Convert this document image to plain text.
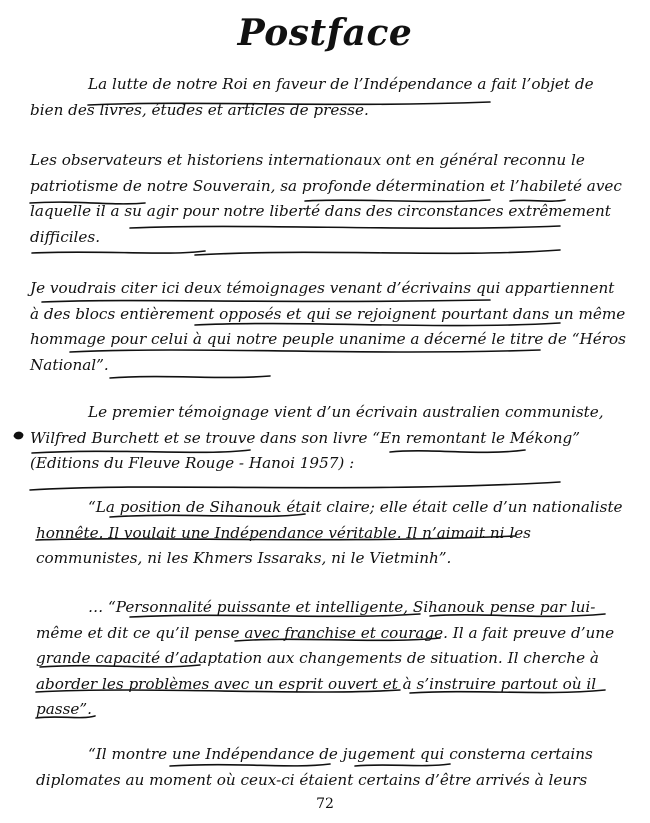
Postface

La lutte de notre Roi en faveur de l’Indépendance a fait l’objet de bien des livres, études et articles de presse.

Les observateurs et historiens internationaux ont en général reconnu le patriotisme de notre Souverain, sa profonde détermination et l’habileté avec laquelle il a su agir pour notre liberté dans des circonstances extrêmement difficiles.

Je voudrais citer ici deux témoignages venant d’écrivains qui appartiennent à des blocs entièrement opposés et qui se rejoignent pourtant dans un même hommage pour celui à qui notre peuple unanime a décerné le titre de “Héros National”.

Le premier témoignage vient d’un écrivain australien communiste, Wilfred Burchett et se trouve dans son livre “En remontant le Mékong” (Editions du Fleuve Rouge - Hanoi 1957) :

“La position de Sihanouk était claire; elle était celle d’un nationaliste honnête. Il voulait une Indépendance véritable. Il n’aimait ni les communistes, ni les Khmers Issaraks, ni le Vietminh”.

… “Personnalité puissante et intelligente, Sihanouk pense par lui-même et dit ce qu’il pense avec franchise et courage. Il a fait preuve d’une grande capacité d’adaptation aux changements de situation. Il cherche à aborder les problèmes avec un esprit ouvert et à s’instruire partout où il passe”.

“Il montre une Indépendance de jugement qui consterna certains diplomates au moment où ceux-ci étaient certains d’être arrivés à leurs

72
